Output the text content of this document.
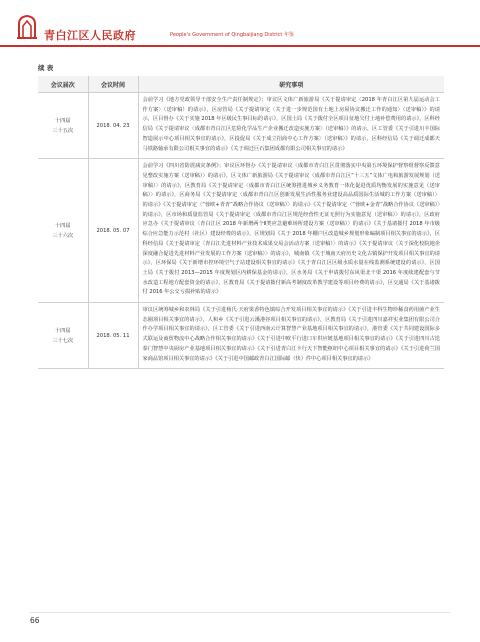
青白江区人民政府	People's Government of Qingbaijiang District 年鉴
续 表
会议届次	会议时间	研究事项
十四届
三十五次	2018. 04. 23	会前学习《地方党政领导干部安全生产责任制规定》；审议区文体广新旅游局《关于提请审定〈2018 年青白江区第九届运动会工作方案〉（送审稿）的请示》，区房管局《关于提请审定〈关于进一步规范国有土地上房屋协议搬迁工作的通知〉（送审稿）》的请示，区目督办《关于实施 2018 年区级民生事目标的请示》，区国土局《关于拨付全区项目征地欠付土地补偿费用的请示》，区科经信局《关于提请审议〈成都市青白江区危险化学品生产企业搬迁改造实施方案〉（送审稿）》的请示，区工管委《关于引进川丰国际智造展示中心项目相关事宜的请示》，区投促局《关于成立招商中心工作方案〉（送审稿）》的请示，区科经信局《关于调迁成都天马铁路轴承有限公司相关事宜的请示》《关于调迁巨石集团成都有限公司相关事宜的请示》
十四届
三十六次	2018. 05. 07	会前学习《四川省防震减灾条例》；审议区环督办《关于提请审议〈成都市青白江区贯彻落实中央第五环境保护督察组督察反馈意见整改实施方案（送审稿）〉的请示》，区文体广新旅游局《关于提请审议〈成都市青白江区“十三五”文体广电和旅游发展规划（送审稿）〉的请示》，区教育局《关于提请审定〈成都市青白江区统筹推进城乡义务教育一体化促进优质均衡发展的实施意见（送审稿）〉的请示》，区商务局《关于提请审定〈成都市青白江区创新发展生活性服务业建设高品质国际生活城的工作方案（送审稿）〉的请示》《关于提请审定〈“蓉欧+青青”战略合作协议（送审稿）〉的请示》《关于提请审定〈“蓉欧+金青”战略合作协议（送审稿）〉的请示》，区市场和质量监管局《关于提请审定〈成都市青白江区规范经营性无证无照行为实施意见（送审稿）〉的请示》，区政府应急办《关于提请审议〈青白江区 2018 年新增两个Ⅱ类应急避难场所建设方案（送审稿）〉的请示》《关于基诸拨付 2018 年市级综合应急能力示范村（社区）建设经费的请示》，区规划局《关于 2018 年棚户区改造城乡规划形象编制项目相关事宜的请示》，区科经信局《关于提请审定〈青白江先进材料产业技术成果交易会活动方案（送审稿）〉的请示》《关于提请审议〈关于深化校院地企深度融合促进先进材料产业发展的工作方案（送审稿）〉的请示》，城南镇《关于城南天府历史文化古镇保护开发项目相关事宜的请示》，区环保局《关于新增市控环境空气子站建设相关事宜的请示》《关于青白江区区级水质水量在线监测系统建设的请示》，区国土局《关于拨付 2013—2015 年度规划区内耕保基金的请示》，区水务局《关于申请拨付东风渠北干渠 2016 年度续建配套与节水改造工程地方配套资金的请示》，区教育局《关于提请拨付新高考制度改革教学建设等项目经费的请示》，区交通局《关于基诸拨付 2016 年公交亏损补贴的请示》
十四届
三十七次	2018. 05. 11	审议区统筹城乡和农林局《关于引进杨氏·天府果香特色镇综合开发项目相关事宜的请示》《关于引进丰科生物珍稀食药用菌产业生态圈项目相关事宜的请示》，人和乡《关于引进云溪港谷项目相关事宜的请示》，区教育局《关于引进四川嘉祥实业集团有限公司合作办学项目相关事宜的请示》，区工管委《关于引进西南云计算智慧产业基地项目相关事宜的请示》，港管委《关于共同建设国际多式联运及商贸物流中心战略合作相关事宜的请示》《关于引进中欧平行进口车供应链基地项目相关事宜的请示》《关于引进四川古迭泰门智慧中央厨房产业基地项目相关事宜的请示》《关于引进青白江卡行天下智能枢纽中心项目相关事宜的请示》《关于引进荷兰国家商品馆项目相关事宜的请示》《关于引进中国邮政青白江国际邮（快）件中心项目相关事宜的请示》
66
